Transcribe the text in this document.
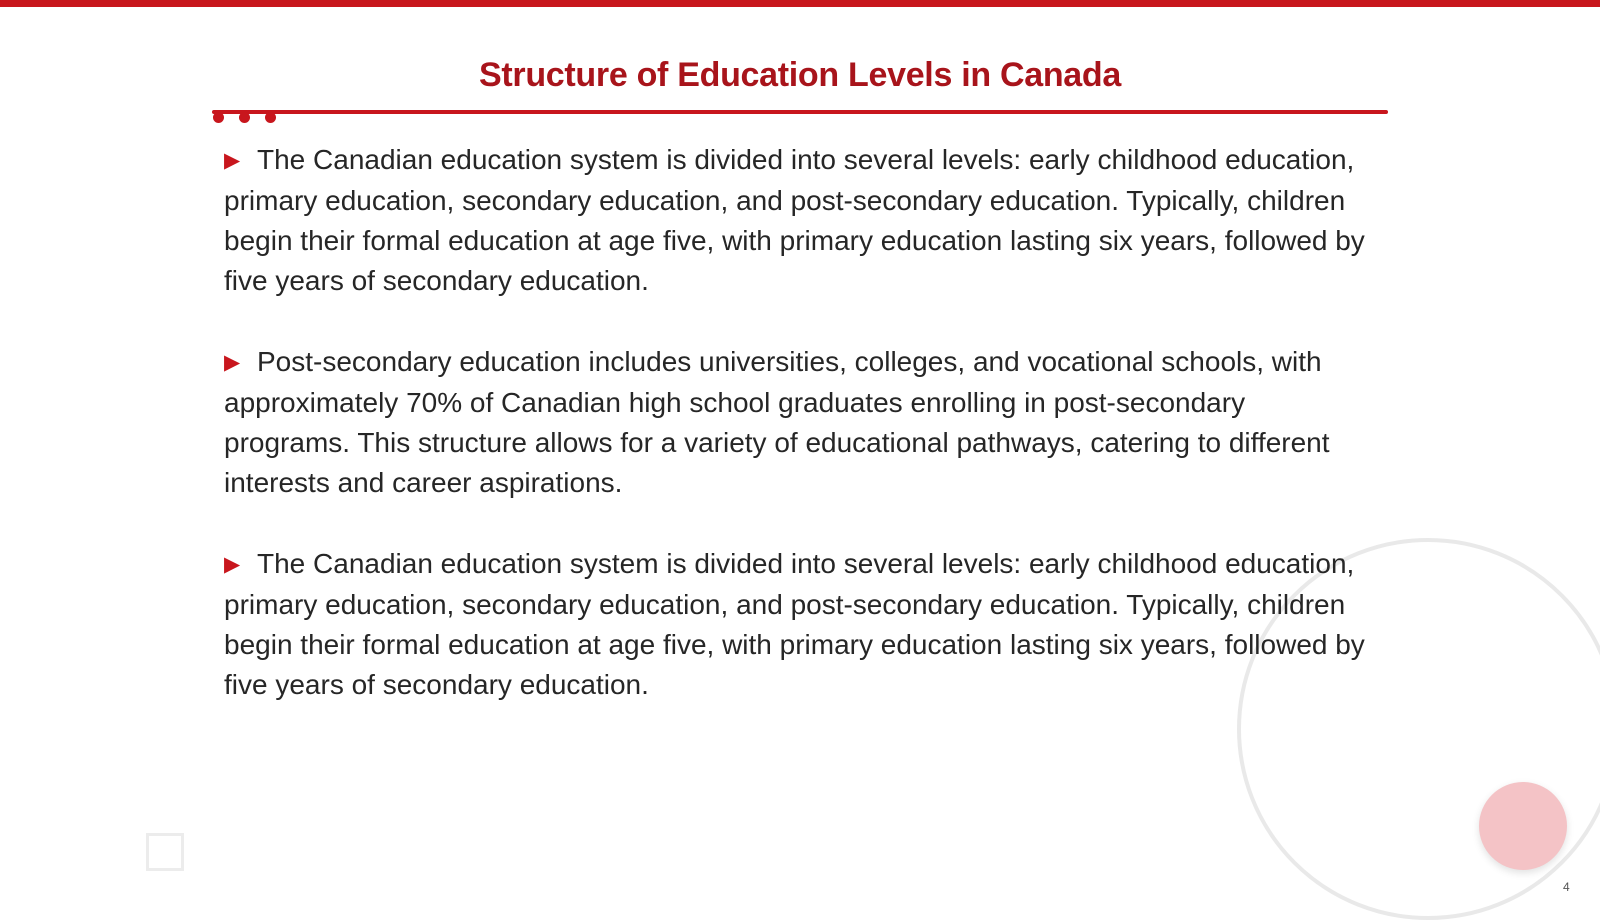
Structure of Education Levels in Canada

▶ The Canadian education system is divided into several levels: early childhood education, primary education, secondary education, and post-secondary education. Typically, children begin their formal education at age five, with primary education lasting six years, followed by five years of secondary education.

▶ Post-secondary education includes universities, colleges, and vocational schools, with approximately 70% of Canadian high school graduates enrolling in post-secondary programs. This structure allows for a variety of educational pathways, catering to different interests and career aspirations.

▶ The Canadian education system is divided into several levels: early childhood education, primary education, secondary education, and post-secondary education. Typically, children begin their formal education at age five, with primary education lasting six years, followed by five years of secondary education.

4
